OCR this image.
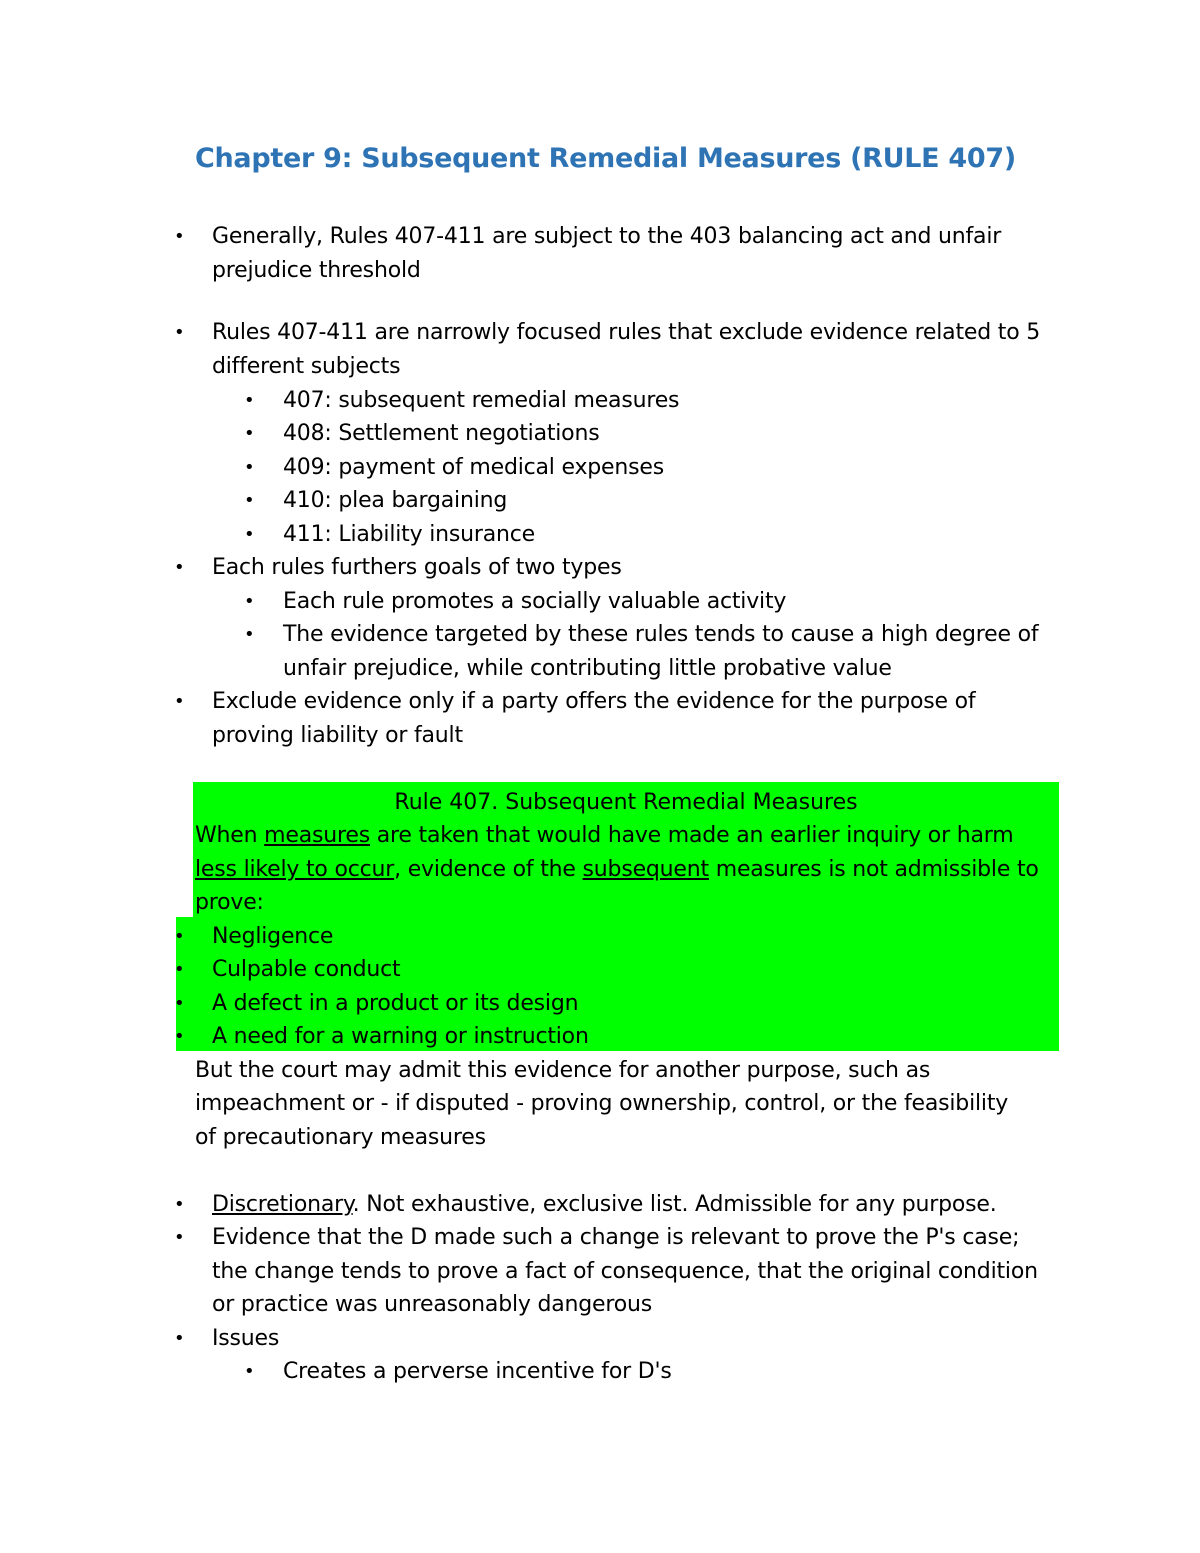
Chapter 9: Subsequent Remedial Measures (RULE 407)
• Generally, Rules 407-411 are subject to the 403 balancing act and unfair
prejudice threshold
• Rules 407-411 are narrowly focused rules that exclude evidence related to 5
different subjects
• 407: subsequent remedial measures
• 408: Settlement negotiations
• 409: payment of medical expenses
• 410: plea bargaining
• 411: Liability insurance
• Each rules furthers goals of two types
• Each rule promotes a socially valuable activity
• The evidence targeted by these rules tends to cause a high degree of
unfair prejudice, while contributing little probative value
• Exclude evidence only if a party offers the evidence for the purpose of
proving liability or fault
Rule 407. Subsequent Remedial Measures
When measures are taken that would have made an earlier inquiry or harm
less likely to occur, evidence of the subsequent measures is not admissible to
prove:
• Negligence
• Culpable conduct
• A defect in a product or its design
• A need for a warning or instruction
But the court may admit this evidence for another purpose, such as
impeachment or - if disputed - proving ownership, control, or the feasibility
of precautionary measures
• Discretionary. Not exhaustive, exclusive list. Admissible for any purpose.
• Evidence that the D made such a change is relevant to prove the P's case;
the change tends to prove a fact of consequence, that the original condition
or practice was unreasonably dangerous
• Issues
• Creates a perverse incentive for D's
